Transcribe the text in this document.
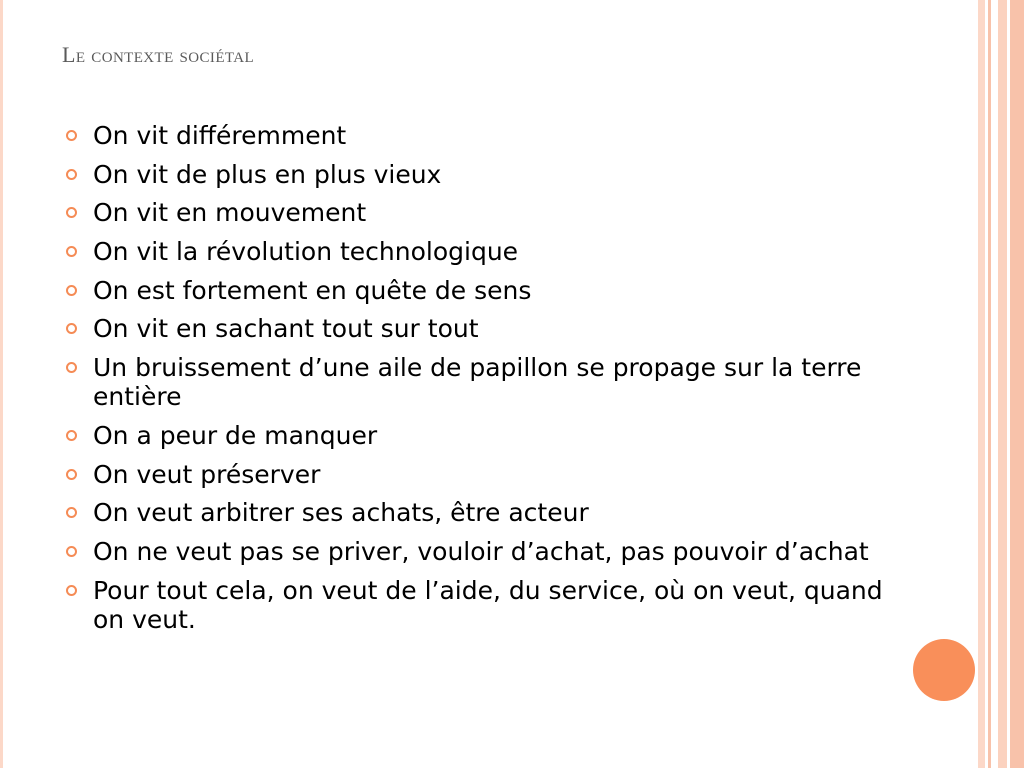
Le contexte sociétal
On vit différemment
On vit de plus en plus vieux
On vit en mouvement
On vit la révolution technologique
On est fortement en quête de sens
On vit en sachant tout sur tout
Un bruissement d’une aile de papillon se propage sur la terre entière
On a peur de manquer
On veut préserver
On veut arbitrer ses achats, être acteur
On ne veut pas se priver, vouloir d’achat, pas pouvoir d’achat
Pour tout cela, on veut de l’aide, du service, où on veut, quand on veut.
